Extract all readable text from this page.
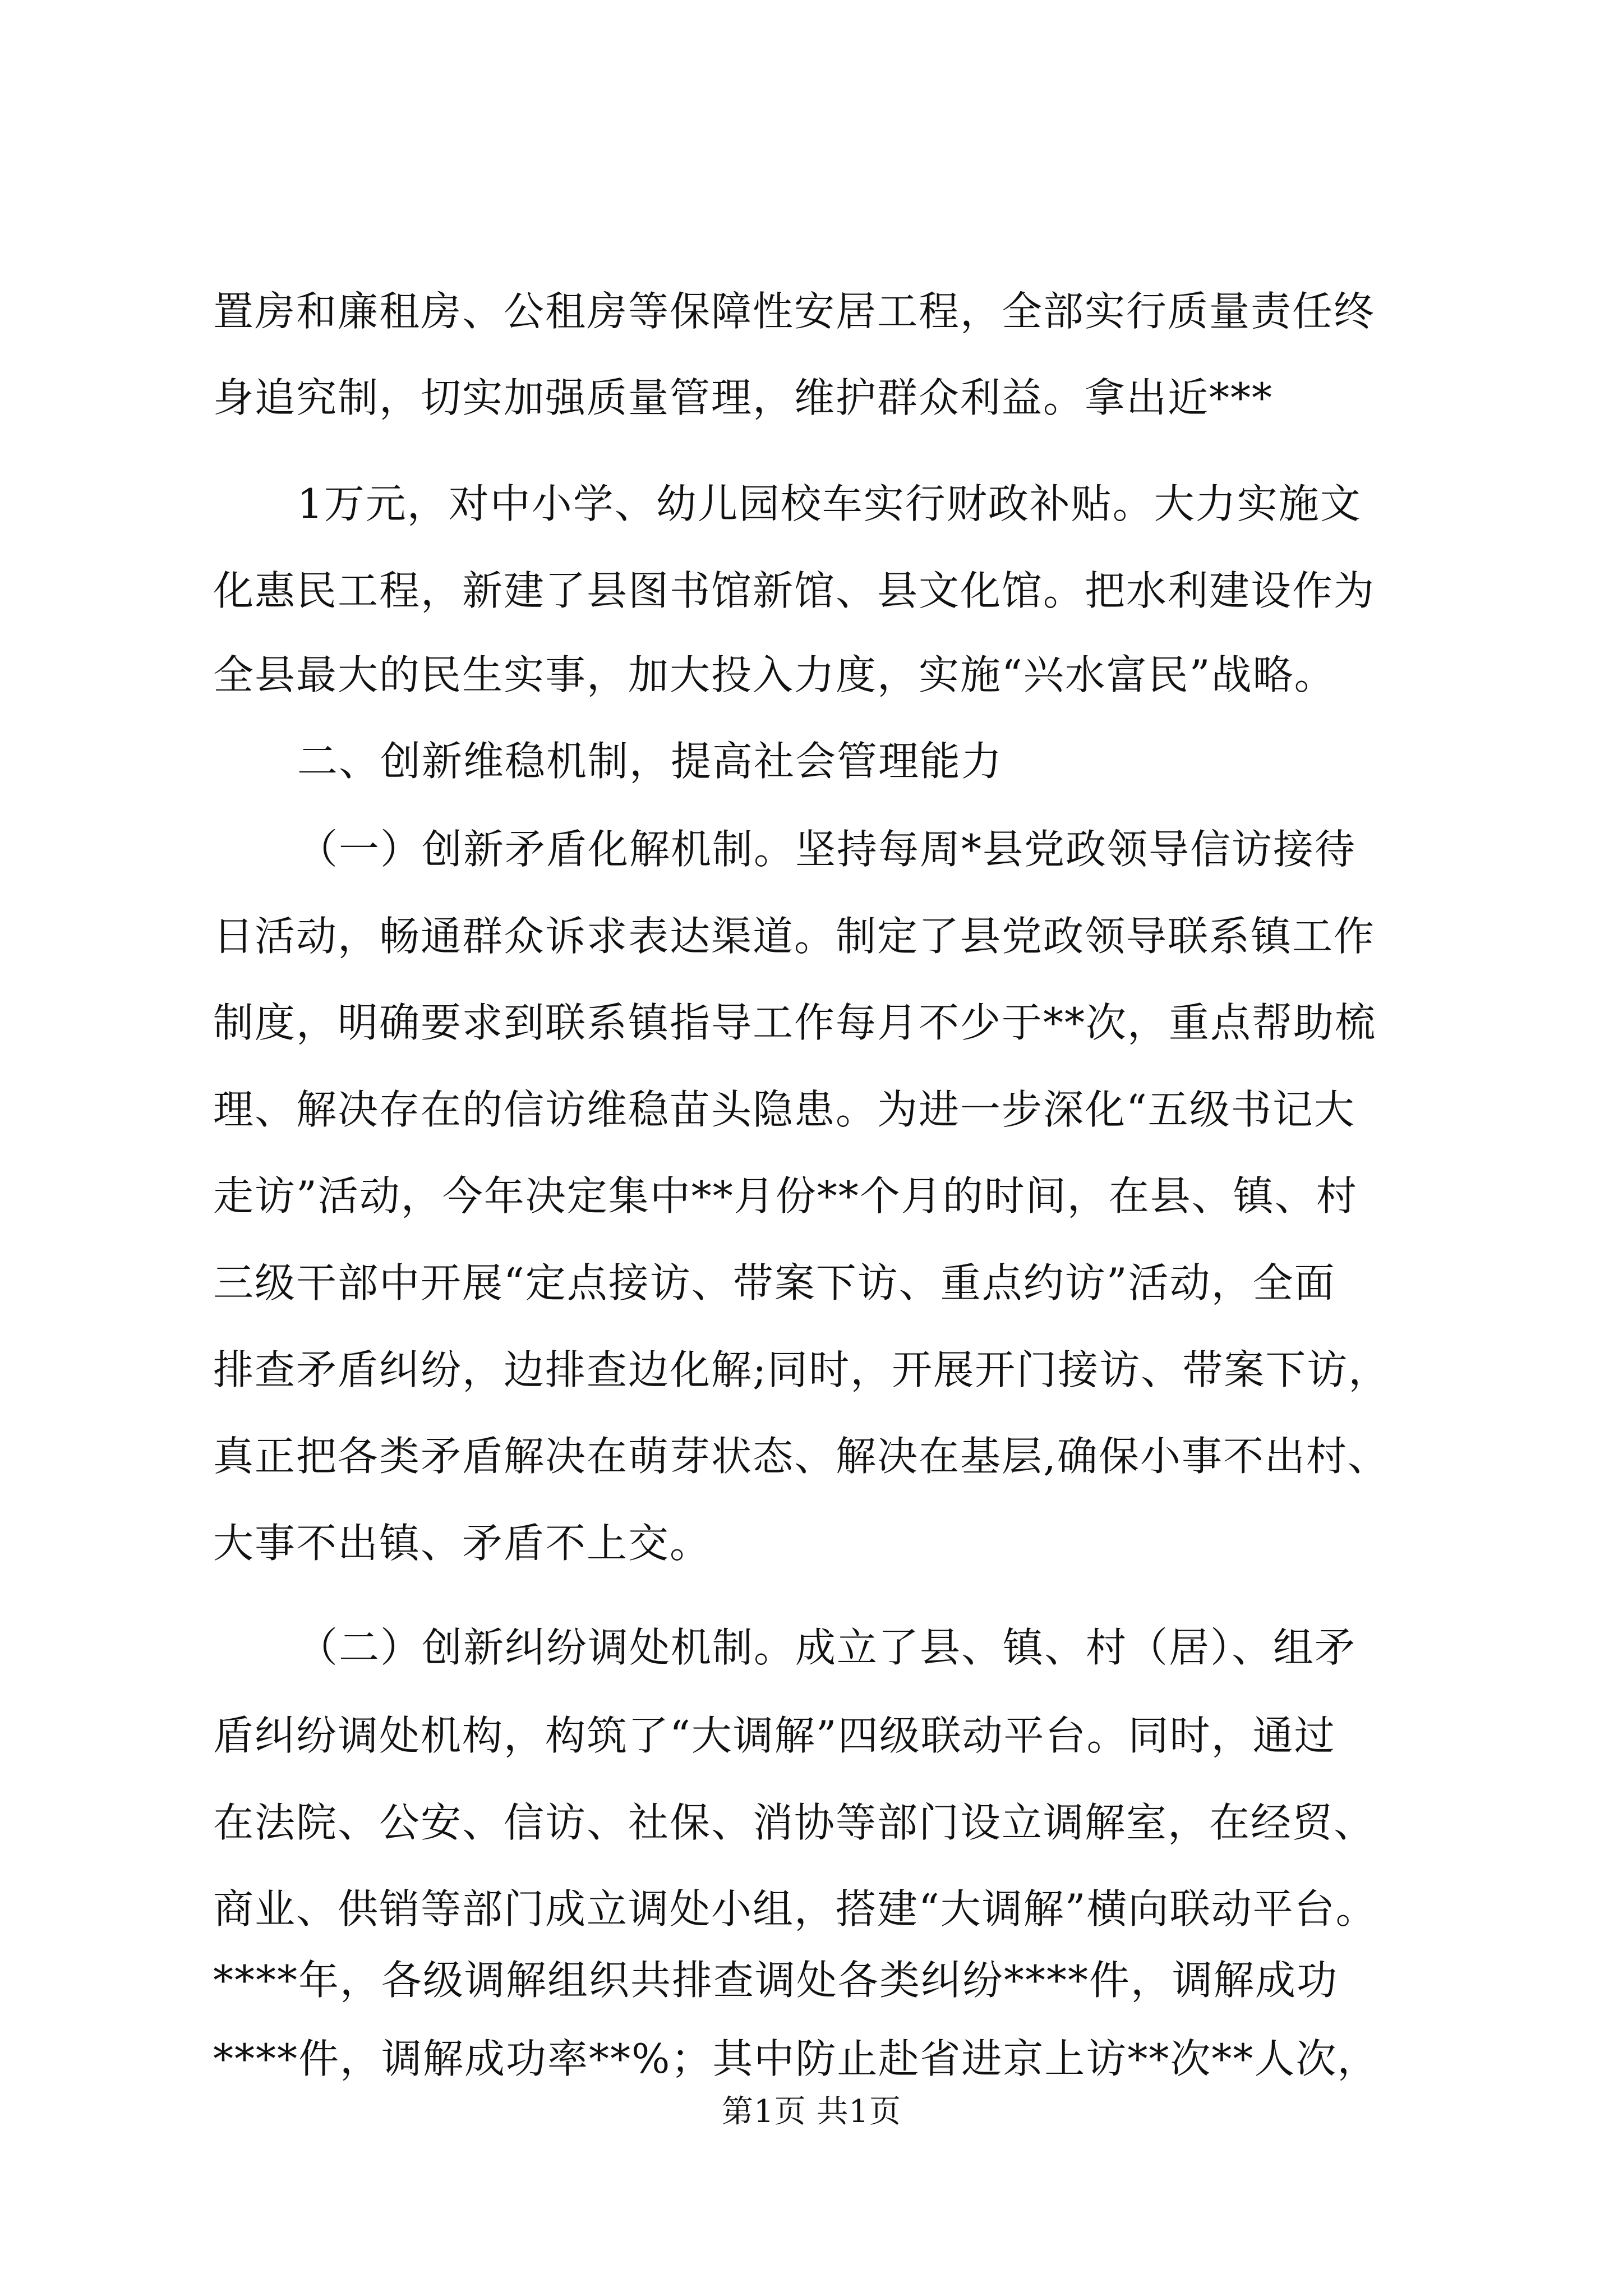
置房和廉租房、公租房等保障性安居工程，全部实行质量责任终
身追究制，切实加强质量管理，维护群众利益。拿出近***
1万元，对中小学、幼儿园校车实行财政补贴。大力实施文
化惠民工程，新建了县图书馆新馆、县文化馆。把水利建设作为
全县最大的民生实事，加大投入力度，实施“兴水富民”战略。
二、创新维稳机制，提高社会管理能力
（一）创新矛盾化解机制。坚持每周*县党政领导信访接待
日活动，畅通群众诉求表达渠道。制定了县党政领导联系镇工作
制度，明确要求到联系镇指导工作每月不少于**次，重点帮助梳
理、解决存在的信访维稳苗头隐患。为进一步深化“五级书记大
走访”活动，今年决定集中**月份**个月的时间，在县、镇、村
三级干部中开展“定点接访、带案下访、重点约访”活动，全面
排查矛盾纠纷，边排查边化解;同时，开展开门接访、带案下访，
真正把各类矛盾解决在萌芽状态、解决在基层,确保小事不出村、
大事不出镇、矛盾不上交。
（二）创新纠纷调处机制。成立了县、镇、村（居）、组矛
盾纠纷调处机构，构筑了“大调解”四级联动平台。同时，通过
在法院、公安、信访、社保、消协等部门设立调解室，在经贸、
商业、供销等部门成立调处小组，搭建“大调解”横向联动平台。
****年，各级调解组织共排查调处各类纠纷****件，调解成功
****件，调解成功率**%；其中防止赴省进京上访**次**人次，
第1页 共1页
